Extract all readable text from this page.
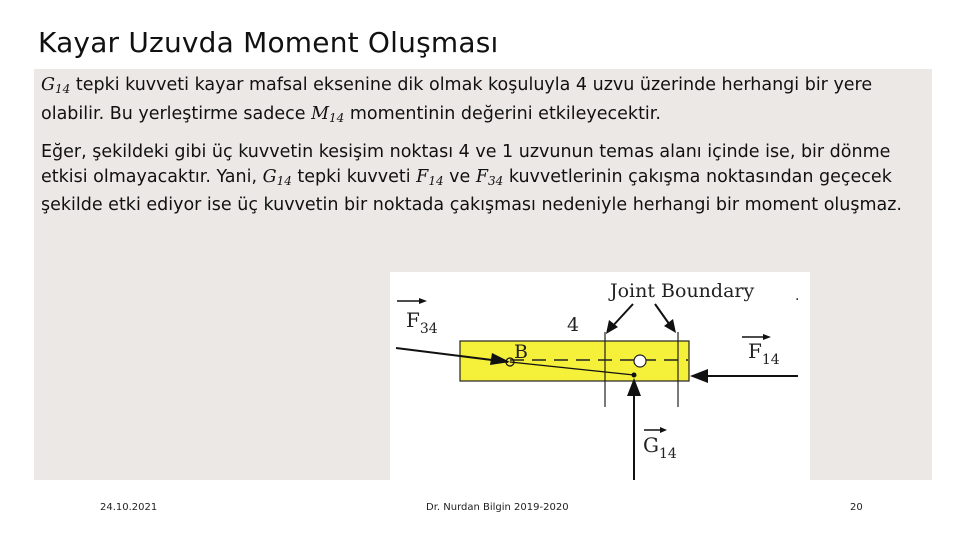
Kayar Uzuvda Moment Oluşması
$G_{14}$ tepki kuvveti kayar mafsal eksenine dik olmak koşuluyla 4 uzvu üzerinde herhangi bir yere olabilir. Bu yerleştirme sadece $M_{14}$ momentinin değerini etkileyecektir.
Eğer, şekildeki gibi üç kuvvetin kesişim noktası 4 ve 1 uzvunun temas alanı içinde ise, bir dönme etkisi olmayacaktır. Yani, $G_{14}$ tepki kuvveti $F_{14}$ ve $F_{34}$ kuvvetlerinin çakışma noktasından geçecek şekilde etki ediyor ise üç kuvvetin bir noktada çakışması nedeniyle herhangi bir moment oluşmaz.
Joint Boundary	.
4
$F_{34}$
B	$F_{14}$
$G_{14}$
24.10.2021	Dr. Nurdan Bilgin 2019-2020	20
